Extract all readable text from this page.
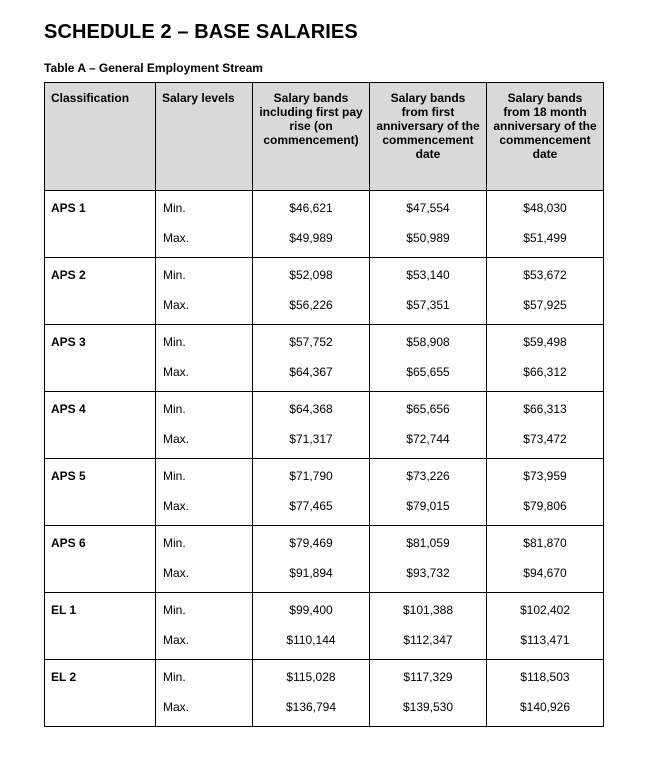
SCHEDULE 2 – BASE SALARIES
Table A – General Employment Stream
Classification	Salary levels	Salary bands including first pay rise (on commencement)	Salary bands from first anniversary of the commencement date	Salary bands from 18 month anniversary of the commencement date
APS 1	Min.	$46,621	$47,554	$48,030
	Max.	$49,989	$50,989	$51,499
APS 2	Min.	$52,098	$53,140	$53,672
	Max.	$56,226	$57,351	$57,925
APS 3	Min.	$57,752	$58,908	$59,498
	Max.	$64,367	$65,655	$66,312
APS 4	Min.	$64,368	$65,656	$66,313
	Max.	$71,317	$72,744	$73,472
APS 5	Min.	$71,790	$73,226	$73,959
	Max.	$77,465	$79,015	$79,806
APS 6	Min.	$79,469	$81,059	$81,870
	Max.	$91,894	$93,732	$94,670
EL 1	Min.	$99,400	$101,388	$102,402
	Max.	$110,144	$112,347	$113,471
EL 2	Min.	$115,028	$117,329	$118,503
	Max.	$136,794	$139,530	$140,926
